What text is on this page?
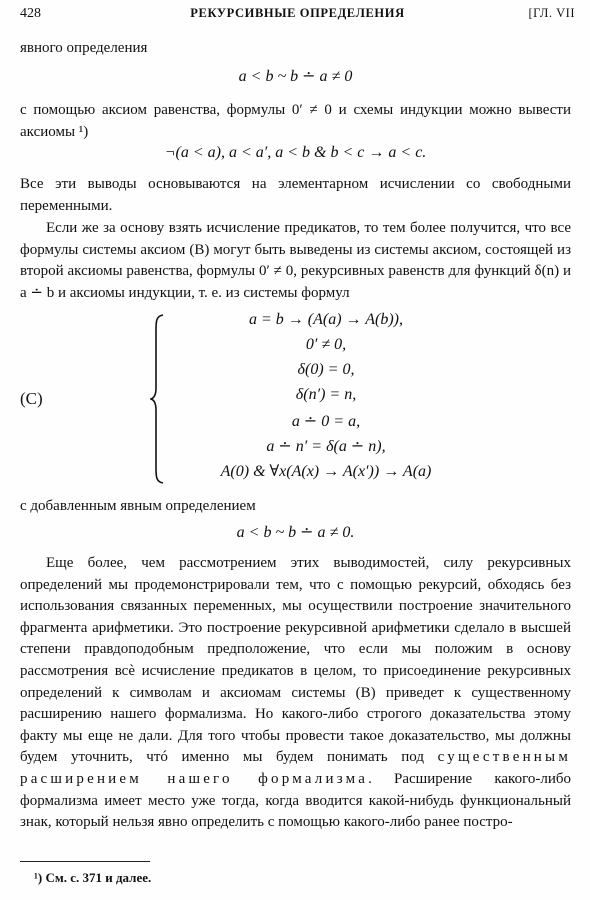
428	РЕКУРСИВНЫЕ ОПРЕДЕЛЕНИЯ	[ГЛ. VII

явного определения

a < b ~ b ∸ a ≠ 0

с помощью аксиом равенства, формулы 0′ ≠ 0 и схемы индукции можно вывести аксиомы ¹)

¬(a < a), a < a′, a < b & b < c → a < c.

Все эти выводы основываются на элементарном исчислении со свободными переменными.

Если же за основу взять исчисление предикатов, то тем более получится, что все формулы системы аксиом (B) могут быть выведены из системы аксиом, состоящей из второй аксиомы равенства, формулы 0′ ≠ 0, рекурсивных равенств для функций δ(n) и a ∸ b и аксиомы индукции, т. е. из системы формул

(C)
a = b → (A(a) → A(b)),
0′ ≠ 0,
δ(0) = 0,
δ(n′) = n,
a ∸ 0 = a,
a ∸ n′ = δ(a ∸ n),
A(0) & ∀x(A(x) → A(x′)) → A(a)

с добавленным явным определением

a < b ~ b ∸ a ≠ 0.

Еще более, чем рассмотрением этих выводимостей, силу рекурсивных определений мы продемонстрировали тем, что с помощью рекурсий, обходясь без использования связанных переменных, мы осуществили построение значительного фрагмента арифметики. Это построение рекурсивной арифметики сделало в высшей степени правдоподобным предположение, что если мы положим в основу рассмотрения всѐ исчисление предикатов в целом, то присоединение рекурсивных определений к символам и аксиомам системы (B) приведет к существенному расширению нашего формализма. Но какого-либо строгого доказательства этому факту мы еще не дали. Для того чтобы провести такое доказательство, мы должны будем уточнить, чтó именно мы будем понимать под существенным расширением нашего формализма. Расширение какого-либо формализма имеет место уже тогда, когда вводится какой-нибудь функциональный знак, который нельзя явно определить с помощью какого-либо ранее постро-

¹) См. с. 371 и далее.
